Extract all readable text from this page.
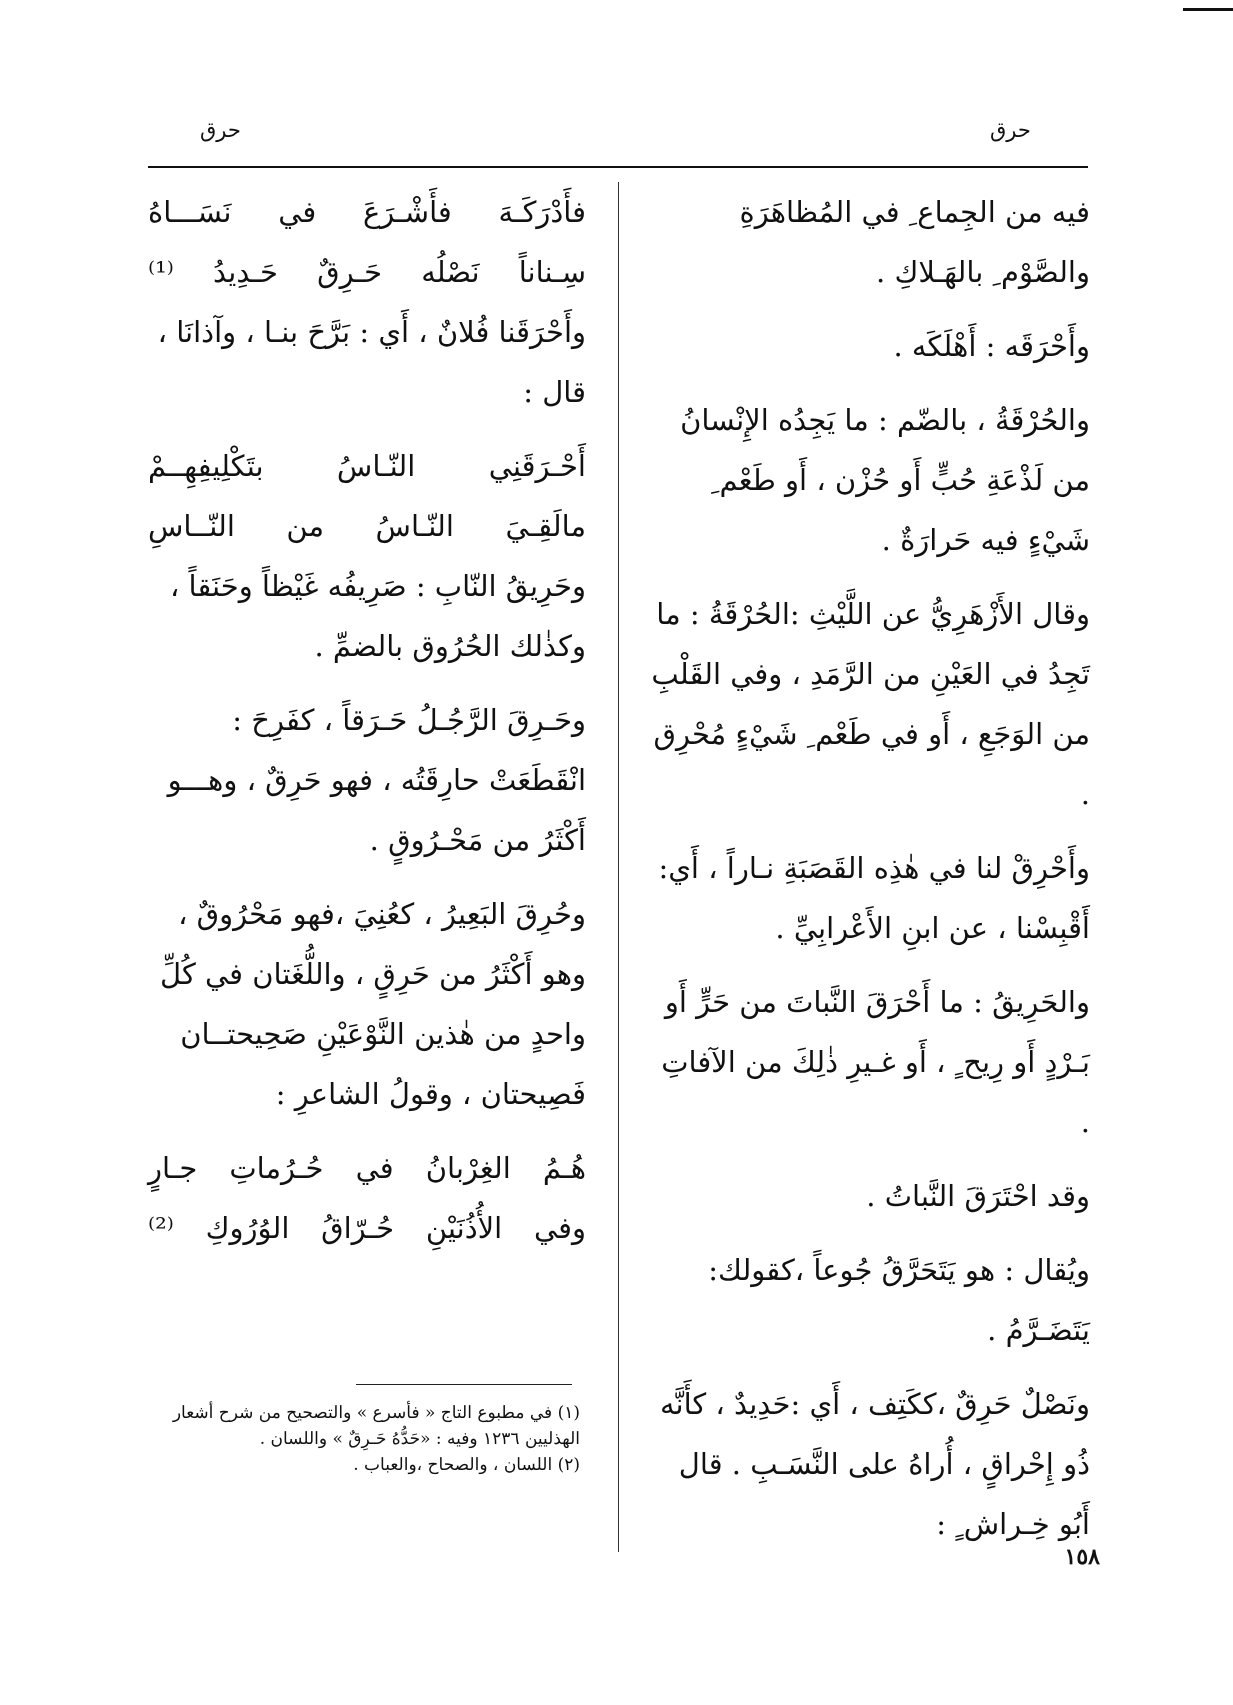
حرق
حرق

فيه من الجِماع ِ في المُظاهَرَةِ والصَّوْم ِ بالهَـلاكِ .

وأَحْرَقَه : أَهْلَكَه .

والحُرْقَةُ ، بالضّم : ما يَجِدُه الإِنْسانُ من لَذْعَةِ حُبٍّ أَو حُزْن ، أَو طَعْم ِ شَيْءٍ فيه حَرارَةٌ .

وقال الأَزْهَرِيُّ عن اللَّيْثِ :الحُرْقَةُ : ما تَجِدُ في العَيْنِ من الرَّمَدِ ، وفي القَلْبِ من الوَجَعِ ، أَو في طَعْم ِ شَيْءٍ مُحْرِق .

وأَحْرِقْ لنا في هٰذِه القَصَبَةِ نـاراً ، أَي: أَقْبِسْنا ، عن ابنِ الأَعْرابِيِّ .

والحَرِيقُ : ما أَحْرَقَ النَّباتَ من حَرٍّ أَو بَـرْدٍ أَو رِيح ٍ ، أَو غـيرِ ذٰلِكَ من الآفاتِ .

وقد احْتَرَقَ النَّباتُ .

ويُقال : هو يَتَحَرَّقُ جُوعاً ،كقولك: يَتَضَـرَّمُ .

ونَصْلٌ حَرِقٌ ،ككَتِف ، أَي :حَدِيدٌ ، كأَنَّه ذُو إِحْراقٍ ، أُراهُ على النَّسَـبِ . قال أَبُو خِـراش ٍ :

فأَدْرَكَـهَ فأَشْـرَعَ في نَسَـــاهُ

سِـناناً نَصْلُه حَـرِقٌ حَـدِيدُ ⁽¹⁾

وأَحْرَقَنا فُلانٌ ، أَي : بَرَّحَ بنـا ، وآذانَا ، قال :

أَحْـرَقَنِي النّـاسُ بتَكْلِيفِهِــمْ

مالَقِـيَ النّـاسُ من النّــاسِ

وحَرِيقُ النّابِ : صَرِيفُه غَيْظاً وحَنَقاً ، وكذٰلك الحُرُوق بالضمِّ .

وحَـرِقَ الرَّجُـلُ حَـرَقاً ، كفَرِحَ : انْقَطَعَتْ حارِقَتُه ، فهو حَرِقٌ ، وهـــو أَكْثَرُ من مَحْـرُوقٍ .

وحُرِقَ البَعِيرُ ، كعُنِيَ ،فهو مَحْرُوقٌ ، وهو أَكْثَرُ من حَرِقٍ ، واللُّغَتان في كُلِّ واحدٍ من هٰذين النَّوْعَيْنِ صَحِيحتــان فَصِيحتان ، وقولُ الشاعرِ :

هُـمُ الغِرْبانُ في حُـرُماتِ جـارٍ

وفي الأُذُنَيْنِ حُـرّاقُ الوُرُوكِ ⁽²⁾

(١) في مطبوع التاج « فأسرع » والتصحيح من شرح أشعار الهذليين ١٢٣٦ وفيه : «حَدُّهُ حَـرِقٌ » واللسان .
(٢) اللسان ، والصحاح ،والعباب .
١٥٨
